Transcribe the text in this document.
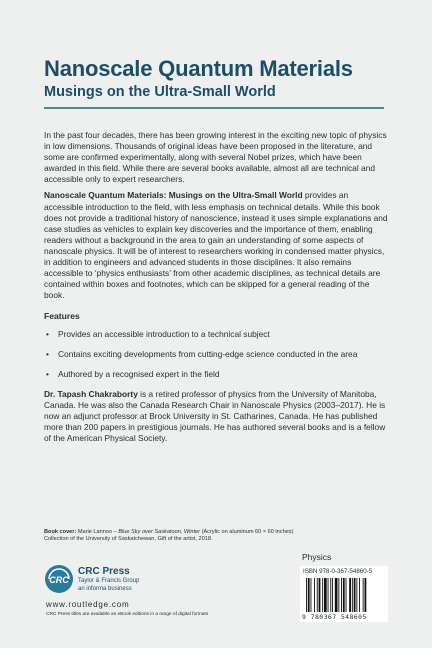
Nanoscale Quantum Materials
Musings on the Ultra-Small World

In the past four decades, there has been growing interest in the exciting new topic of physics in low dimensions. Thousands of original ideas have been proposed in the literature, and some are confirmed experimentally, along with several Nobel prizes, which have been awarded in this field. While there are several books available, almost all are technical and accessible only to expert researchers.

Nanoscale Quantum Materials: Musings on the Ultra-Small World provides an accessible introduction to the field, with less emphasis on technical details. While this book does not provide a traditional history of nanoscience, instead it uses simple explanations and case studies as vehicles to explain key discoveries and the importance of them, enabling readers without a background in the area to gain an understanding of some aspects of nanoscale physics. It will be of interest to researchers working in condensed matter physics, in addition to engineers and advanced students in those disciplines. It also remains accessible to ‘physics enthusiasts’ from other academic disciplines, as technical details are contained within boxes and footnotes, which can be skipped for a general reading of the book.

Features
• Provides an accessible introduction to a technical subject
• Contains exciting developments from cutting-edge science conducted in the area
• Authored by a recognised expert in the field

Dr. Tapash Chakraborty is a retired professor of physics from the University of Manitoba, Canada. He was also the Canada Research Chair in Nanoscale Physics (2003–2017). He is now an adjunct professor at Brock University in St. Catharines, Canada. He has published more than 200 papers in prestigious journals. He has authored several books and is a fellow of the American Physical Society.

Book cover: Marie Lannoo – Blue Sky over Saskatoon, Winter (Acrylic on aluminum 60 × 60 inches)
Collection of the University of Saskatchewan, Gift of the artist, 2018.
CRC
CRC Press
Taylor & Francis Group
an informa business
www.routledge.com
CRC Press titles are available as eBook editions in a range of digital formats
Physics
ISBN 978-0-367-54860-5
9 780367 548605
